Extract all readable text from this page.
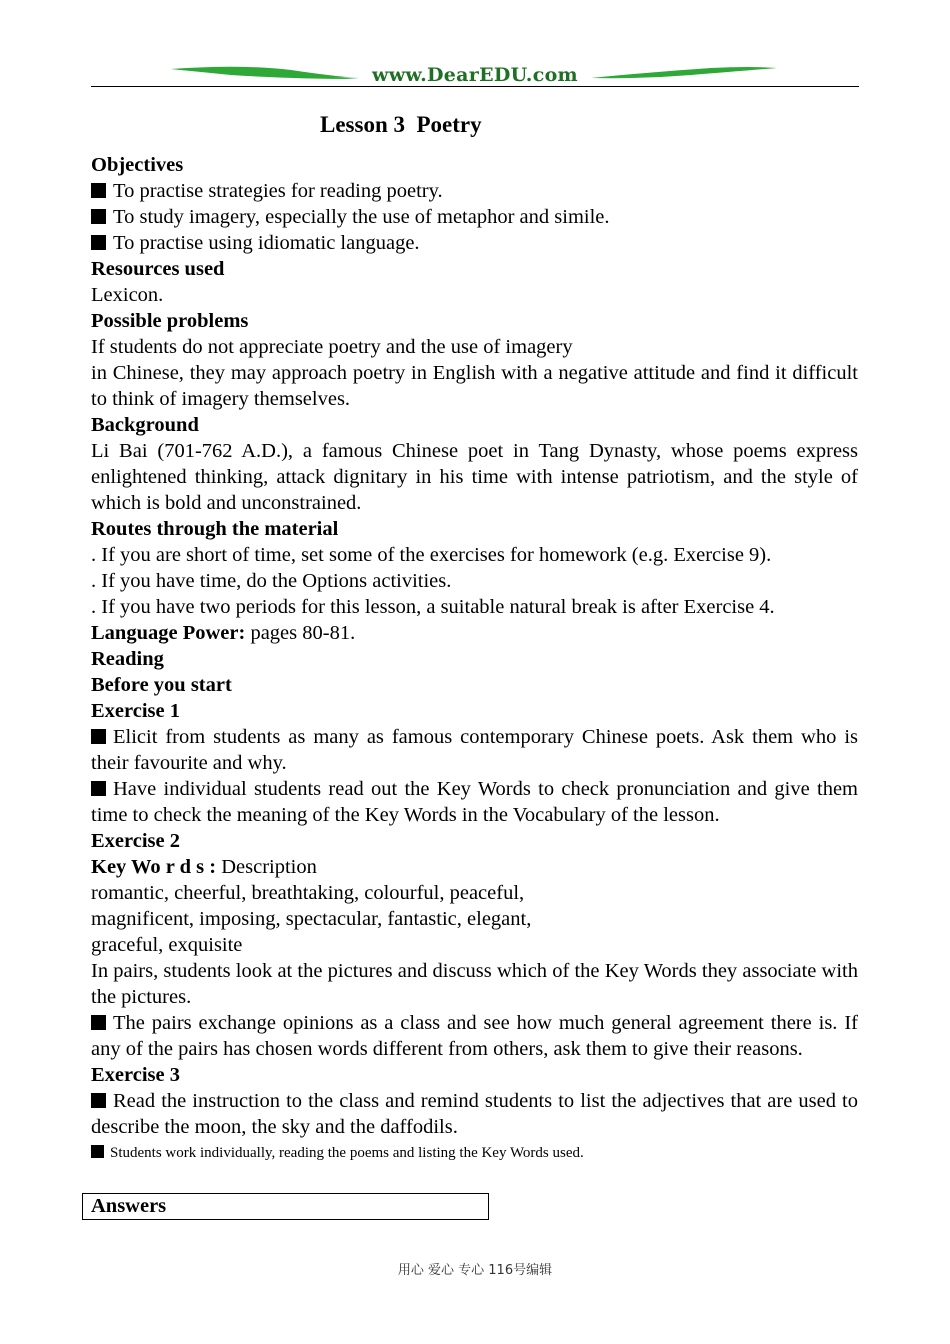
www.DearEDU.com
Lesson 3  Poetry

Objectives

To practise strategies for reading poetry.

To study imagery, especially the use of metaphor and simile.

To practise using idiomatic language.

Resources used

Lexicon.

Possible problems

If students do not appreciate poetry and the use of imagery

in Chinese, they may approach poetry in English with a negative attitude and find it difficult to think of imagery themselves.

Background

Li Bai (701-762 A.D.), a famous Chinese poet in Tang Dynasty, whose poems express enlightened thinking, attack dignitary in his time with intense patriotism, and the style of which is bold and unconstrained.

Routes through the material

. If you are short of time, set some of the exercises for homework (e.g. Exercise 9).

. If you have time, do the Options activities.

. If you have two periods for this lesson, a suitable natural break is after Exercise 4.

Language Power: pages 80-81.

Reading

Before you start

Exercise 1

Elicit from students as many as famous contemporary Chinese poets. Ask them who is their favourite and why.

Have individual students read out the Key Words to check pronunciation and give them time to check the meaning of the Key Words in the Vocabulary of the lesson.

Exercise 2

Key Wo r d s : Description

romantic, cheerful, breathtaking, colourful, peaceful,

magnificent, imposing, spectacular, fantastic, elegant,

graceful, exquisite

In pairs, students look at the pictures and discuss which of the Key Words they associate with the pictures.

The pairs exchange opinions as a class and see how much general agreement there is. If any of the pairs has chosen words different from others, ask them to give their reasons.

Exercise 3

Read the instruction to the class and remind students to list the adjectives that are used to describe the moon, the sky and the daffodils.

Students work individually, reading the poems and listing the Key Words used.

Answers
用心 爱心 专心 116号编辑
